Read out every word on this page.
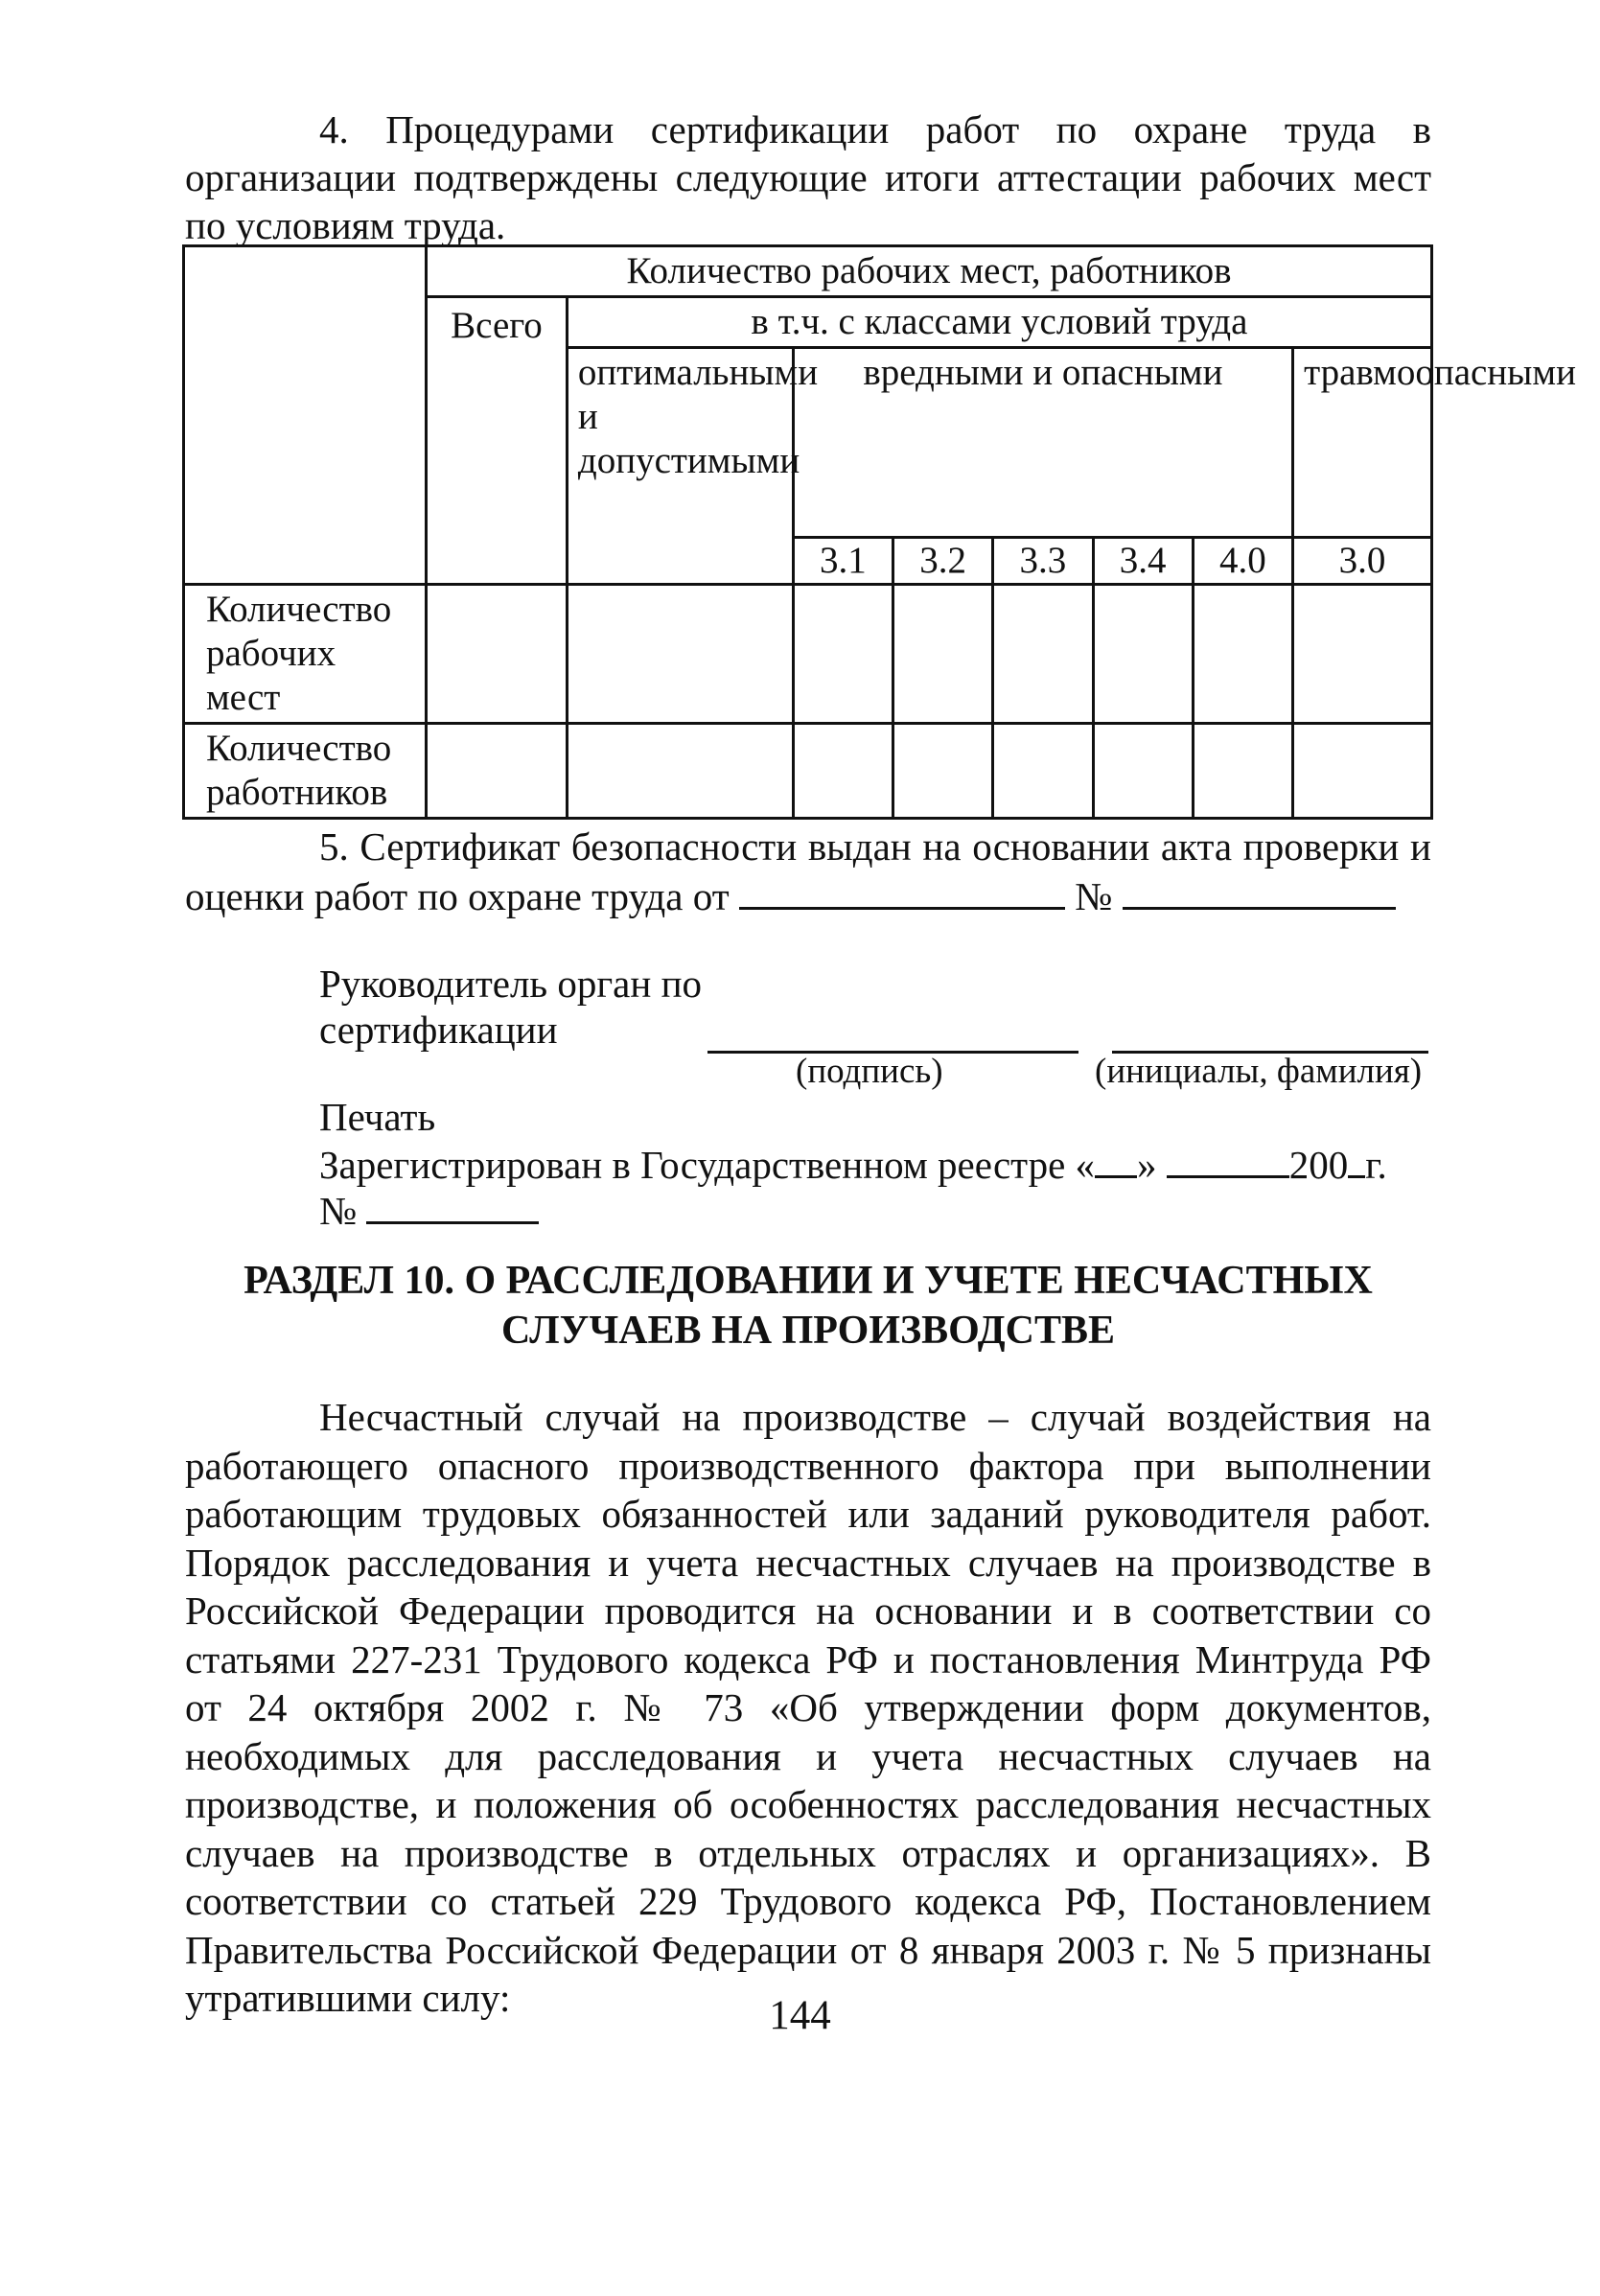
4. Процедурами сертификации работ по охране труда в организации подтверждены следующие итоги аттестации рабочих мест по условиям труда.

	Количество рабочих мест, работников							
	Всего	в т.ч. с классами условий труда						
		оптимальными и допустимыми	вредными и опасными					травмоопасными
			3.1	3.2	3.3	3.4	4.0	3.0
Количество рабочих мест								
Количество работников								

5. Сертификат безопасности выдан на основании акта проверки и оценки работ по охране труда от	№

Руководитель орган по

сертификации

(подпись)	(инициалы, фамилия)

Печать

Зарегистрирован в Государственном реестре « »	200 г.

№

РАЗДЕЛ 10. О РАССЛЕДОВАНИИ И УЧЕТЕ НЕСЧАСТНЫХ
СЛУЧАЕВ НА ПРОИЗВОДСТВЕ

Несчастный случай на производстве – случай воздействия на работающего опасного производственного фактора при выполнении работающим трудовых обязанностей или заданий руководителя работ. Порядок расследования и учета несчастных случаев на производстве в Российской Федерации проводится на основании и в соответствии со статьями 227-231 Трудового кодекса РФ и постановления Минтруда РФ от 24 октября 2002 г. № 73 «Об утверждении форм документов, необходимых для расследования и учета несчастных случаев на производстве, и положения об особенностях расследования несчастных случаев на производстве в отдельных отраслях и организациях». В соответствии со статьей 229 Трудового кодекса РФ, Постановлением Правительства Российской Федерации от 8 января 2003 г. № 5 признаны утратившими силу:	144
